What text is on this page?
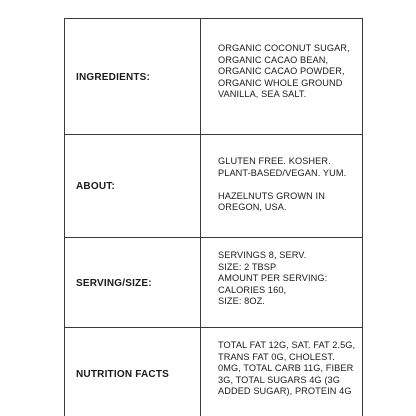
INGREDIENTS:
ORGANIC COCONUT SUGAR,
ORGANIC CACAO BEAN,
ORGANIC CACAO POWDER,
ORGANIC WHOLE GROUND
VANILLA, SEA SALT.
ABOUT:
GLUTEN FREE. KOSHER.
PLANT-BASED/VEGAN. YUM.
HAZELNUTS GROWN IN
OREGON, USA.
SERVING/SIZE:
SERVINGS 8, SERV.
SIZE: 2 TBSP
AMOUNT PER SERVING:
CALORIES 160,
SIZE: 8OZ.
NUTRITION FACTS
TOTAL FAT 12G, SAT. FAT 2.5G,
TRANS FAT 0G, CHOLEST.
0MG, TOTAL CARB 11G, FIBER
3G, TOTAL SUGARS 4G (3G
ADDED SUGAR), PROTEIN 4G
